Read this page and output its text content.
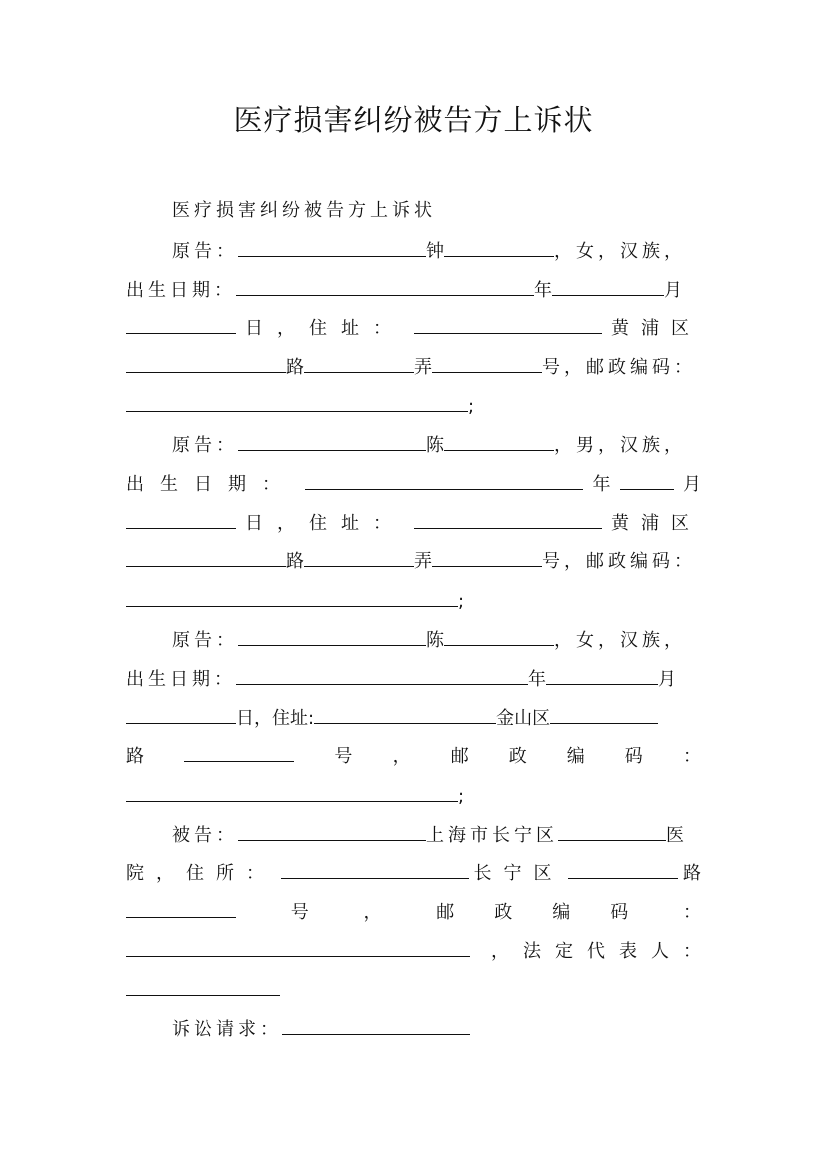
医疗损害纠纷被告方上诉状
医疗损害纠纷被告方上诉状
原告：	钟	，女，汉族，
出生日期：	年	月
日，住址：	黄浦区
路	弄	号，邮政编码：
;
原告：	陈	，男，汉族，
出生日期：	年	月
日，住址：	黄浦区
路	弄	号，邮政编码：
;
原告：	陈	，女，汉族，
出生日期：	年	月
日，住址:	金山区
路	号 ， 邮政编码 ：
;
被告：	上海市长宁区	医
院，住所：	长宁区	路
号	，	邮政编码 ：
，法定代表人：
诉讼请求：
